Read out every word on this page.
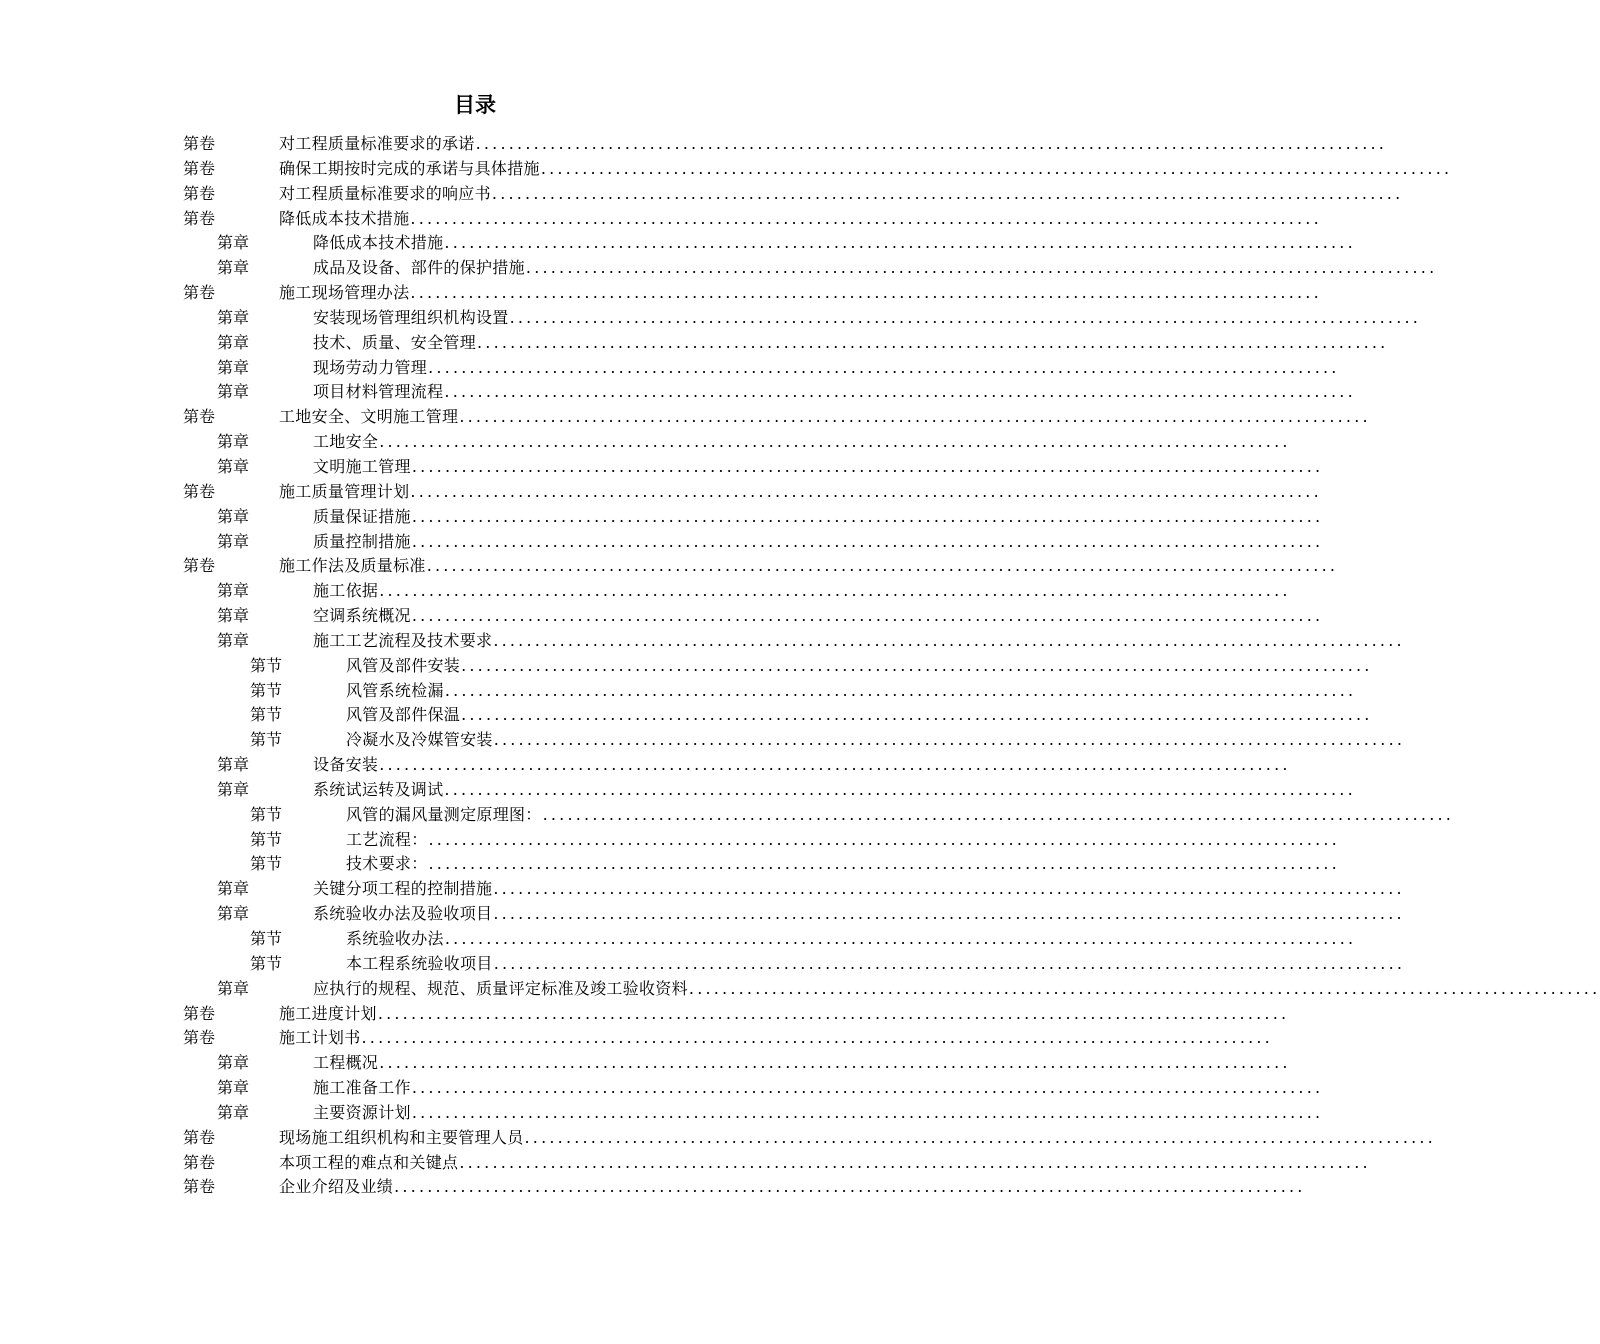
目录
第卷	对工程质量标准要求的承诺 ..............................................................................................................
第卷	确保工期按时完成的承诺与具体措施 ..............................................................................................................
第卷	对工程质量标准要求的响应书 ..............................................................................................................
第卷	降低成本技术措施 ..............................................................................................................
第章	降低成本技术措施 ..............................................................................................................
第章	成品及设备、部件的保护措施 ..............................................................................................................
第卷	施工现场管理办法 ..............................................................................................................
第章	安装现场管理组织机构设置 ..............................................................................................................
第章	技术、质量、安全管理 ..............................................................................................................
第章	现场劳动力管理 ..............................................................................................................
第章	项目材料管理流程 ..............................................................................................................
第卷	工地安全、文明施工管理 ..............................................................................................................
第章	工地安全 ..............................................................................................................
第章	文明施工管理 ..............................................................................................................
第卷	施工质量管理计划 ..............................................................................................................
第章	质量保证措施 ..............................................................................................................
第章	质量控制措施 ..............................................................................................................
第卷	施工作法及质量标准 ..............................................................................................................
第章	施工依据 ..............................................................................................................
第章	空调系统概况 ..............................................................................................................
第章	施工工艺流程及技术要求 ..............................................................................................................
第节	风管及部件安装 ..............................................................................................................
第节	风管系统检漏 ..............................................................................................................
第节	风管及部件保温 ..............................................................................................................
第节	冷凝水及冷媒管安装 ..............................................................................................................
第章	设备安装 ..............................................................................................................
第章	系统试运转及调试 ..............................................................................................................
第节	风管的漏风量测定原理图： ..............................................................................................................
第节	工艺流程： ..............................................................................................................
第节	技术要求： ..............................................................................................................
第章	关键分项工程的控制措施 ..............................................................................................................
第章	系统验收办法及验收项目 ..............................................................................................................
第节	系统验收办法 ..............................................................................................................
第节	本工程系统验收项目 ..............................................................................................................
第章	应执行的规程、规范、质量评定标准及竣工验收资料 ..............................................................................................................
第卷	施工进度计划 ..............................................................................................................
第卷	施工计划书 ..............................................................................................................
第章	工程概况 ..............................................................................................................
第章	施工准备工作 ..............................................................................................................
第章	主要资源计划 ..............................................................................................................
第卷	现场施工组织机构和主要管理人员 ..............................................................................................................
第卷	本项工程的难点和关键点 ..............................................................................................................
第卷	企业介绍及业绩 ..............................................................................................................
